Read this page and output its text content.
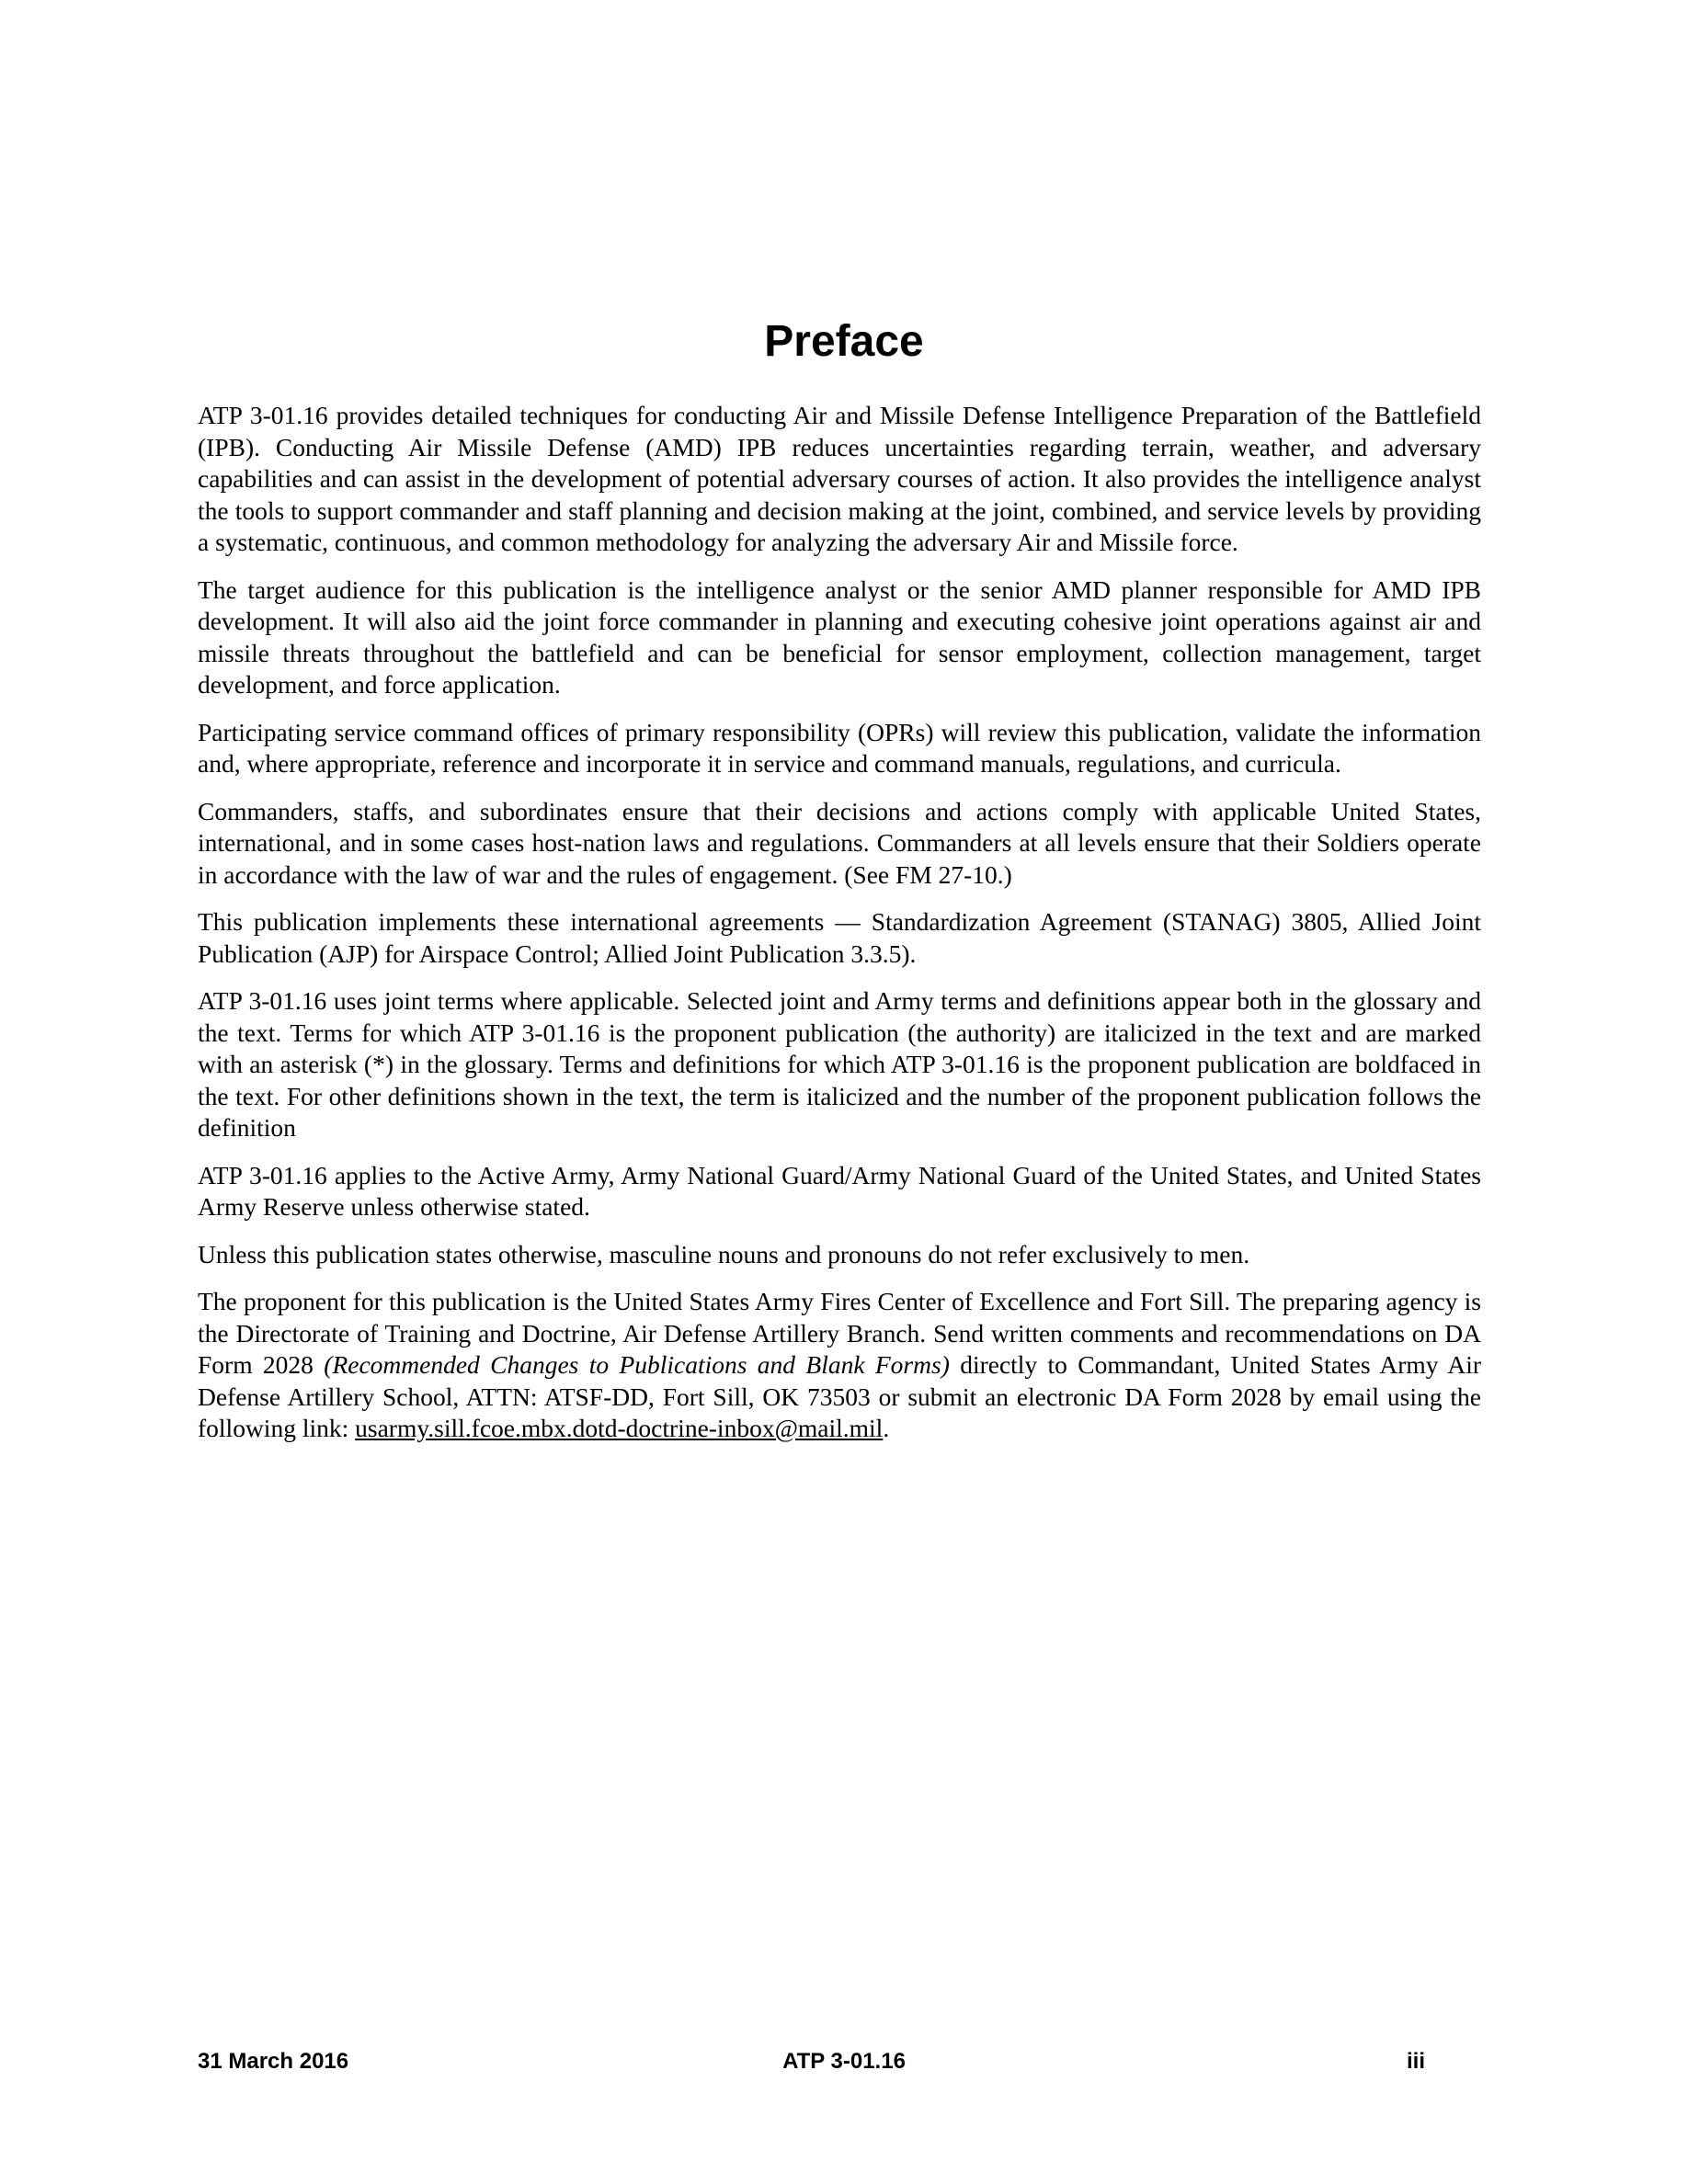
Preface

ATP 3-01.16 provides detailed techniques for conducting Air and Missile Defense Intelligence Preparation of the Battlefield (IPB). Conducting Air Missile Defense (AMD) IPB reduces uncertainties regarding terrain, weather, and adversary capabilities and can assist in the development of potential adversary courses of action. It also provides the intelligence analyst the tools to support commander and staff planning and decision making at the joint, combined, and service levels by providing a systematic, continuous, and common methodology for analyzing the adversary Air and Missile force.

The target audience for this publication is the intelligence analyst or the senior AMD planner responsible for AMD IPB development. It will also aid the joint force commander in planning and executing cohesive joint operations against air and missile threats throughout the battlefield and can be beneficial for sensor employment, collection management, target development, and force application.

Participating service command offices of primary responsibility (OPRs) will review this publication, validate the information and, where appropriate, reference and incorporate it in service and command manuals, regulations, and curricula.

Commanders, staffs, and subordinates ensure that their decisions and actions comply with applicable United States, international, and in some cases host-nation laws and regulations. Commanders at all levels ensure that their Soldiers operate in accordance with the law of war and the rules of engagement. (See FM 27-10.)

This publication implements these international agreements — Standardization Agreement (STANAG) 3805, Allied Joint Publication (AJP) for Airspace Control; Allied Joint Publication 3.3.5).

ATP 3-01.16 uses joint terms where applicable. Selected joint and Army terms and definitions appear both in the glossary and the text. Terms for which ATP 3-01.16 is the proponent publication (the authority) are italicized in the text and are marked with an asterisk (*) in the glossary. Terms and definitions for which ATP 3-01.16 is the proponent publication are boldfaced in the text. For other definitions shown in the text, the term is italicized and the number of the proponent publication follows the definition

ATP 3-01.16 applies to the Active Army, Army National Guard/Army National Guard of the United States, and United States Army Reserve unless otherwise stated.

Unless this publication states otherwise, masculine nouns and pronouns do not refer exclusively to men.

The proponent for this publication is the United States Army Fires Center of Excellence and Fort Sill. The preparing agency is the Directorate of Training and Doctrine, Air Defense Artillery Branch. Send written comments and recommendations on DA Form 2028 (Recommended Changes to Publications and Blank Forms) directly to Commandant, United States Army Air Defense Artillery School, ATTN: ATSF-DD, Fort Sill, OK 73503 or submit an electronic DA Form 2028 by email using the following link: usarmy.sill.fcoe.mbx.dotd-doctrine-inbox@mail.mil.

31 March 2016	ATP 3-01.16	iii
